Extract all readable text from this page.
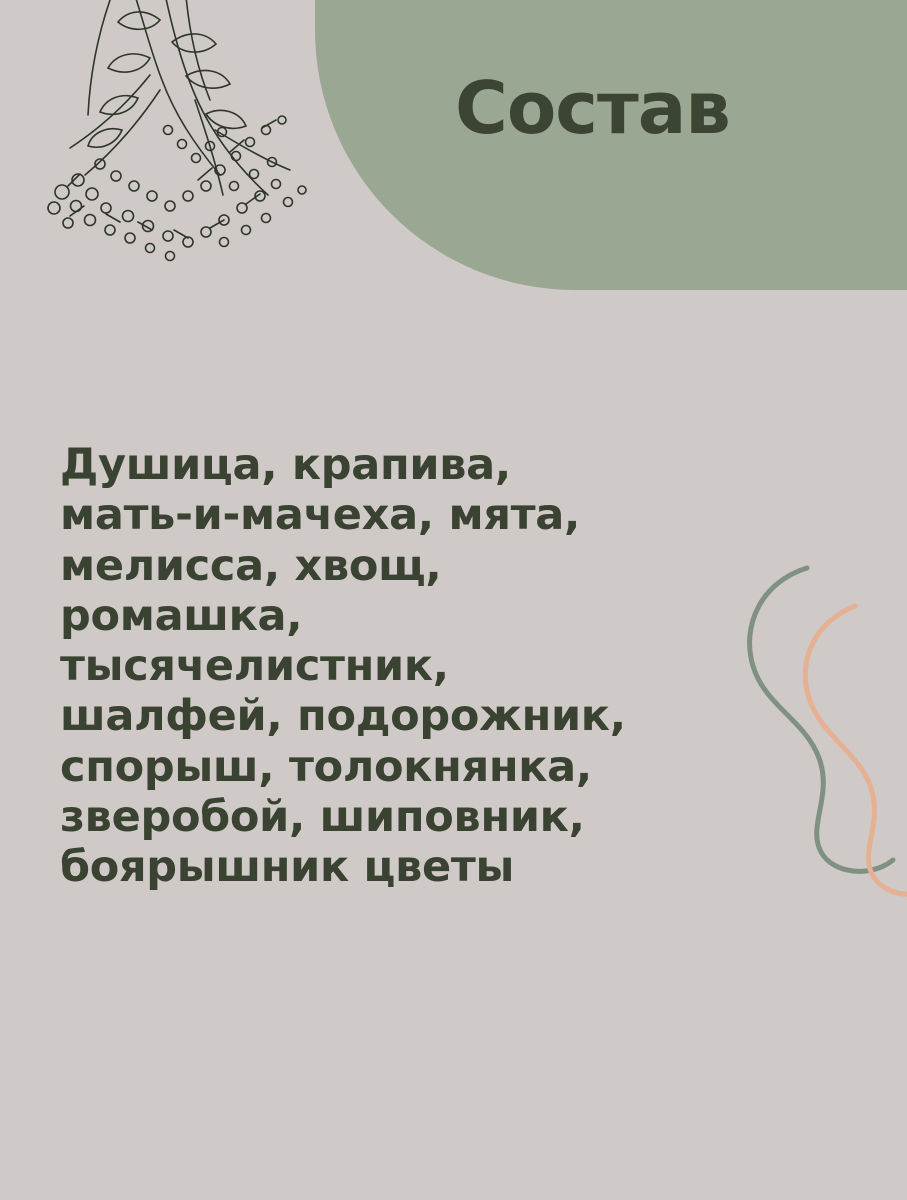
Состав
Душица, крапива,
мать-и-мачеха, мята,
мелисса, хвощ,
ромашка,
тысячелистник,
шалфей, подорожник,
спорыш, толокнянка,
зверобой, шиповник,
боярышник цветы
